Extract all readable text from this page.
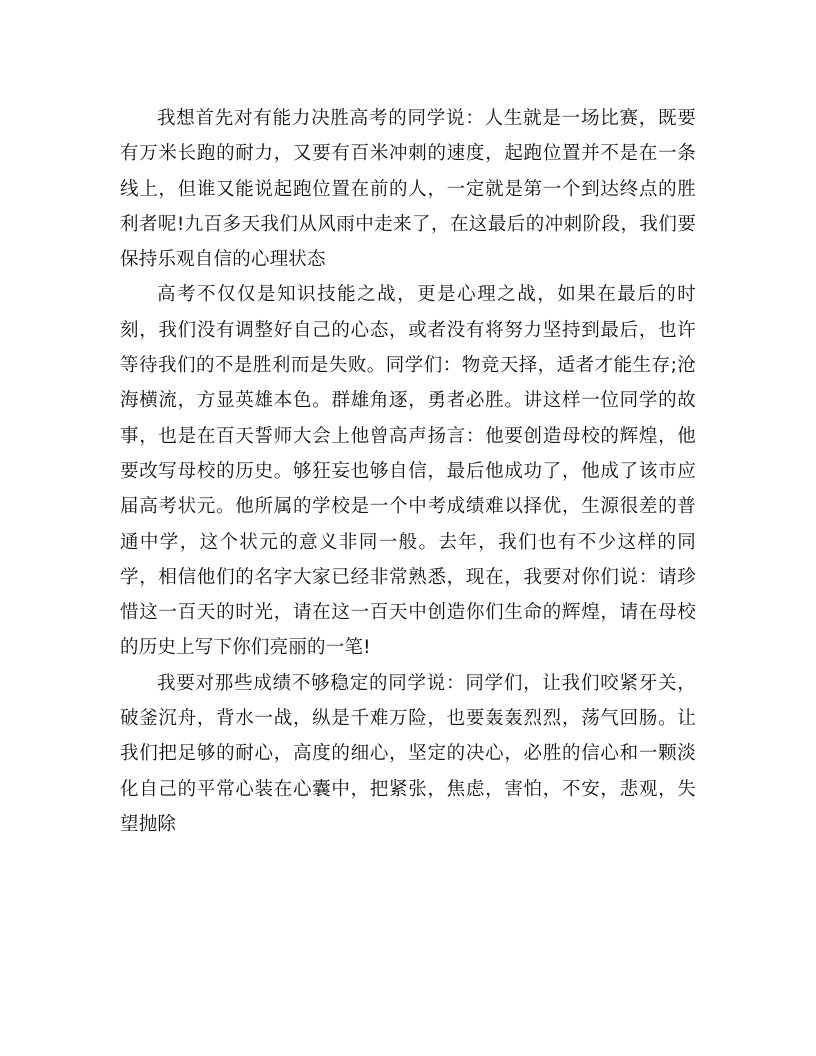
我想首先对有能力决胜高考的同学说：人生就是一场比赛，既要有万米长跑的耐力，又要有百米冲刺的速度，起跑位置并不是在一条线上，但谁又能说起跑位置在前的人，一定就是第一个到达终点的胜利者呢!九百多天我们从风雨中走来了，在这最后的冲刺阶段，我们要保持乐观自信的心理状态

高考不仅仅是知识技能之战，更是心理之战，如果在最后的时刻，我们没有调整好自己的心态，或者没有将努力坚持到最后，也许等待我们的不是胜利而是失败。同学们：物竞天择，适者才能生存;沧海横流，方显英雄本色。群雄角逐，勇者必胜。讲这样一位同学的故事，也是在百天誓师大会上他曾高声扬言：他要创造母校的辉煌，他要改写母校的历史。够狂妄也够自信，最后他成功了，他成了该市应届高考状元。他所属的学校是一个中考成绩难以择优，生源很差的普通中学，这个状元的意义非同一般。去年，我们也有不少这样的同学，相信他们的名字大家已经非常熟悉，现在，我要对你们说：请珍惜这一百天的时光，请在这一百天中创造你们生命的辉煌，请在母校的历史上写下你们亮丽的一笔!

我要对那些成绩不够稳定的同学说：同学们，让我们咬紧牙关，破釜沉舟，背水一战，纵是千难万险，也要轰轰烈烈，荡气回肠。让我们把足够的耐心，高度的细心，坚定的决心，必胜的信心和一颗淡化自己的平常心装在心囊中，把紧张，焦虑，害怕，不安，悲观，失望抛除
